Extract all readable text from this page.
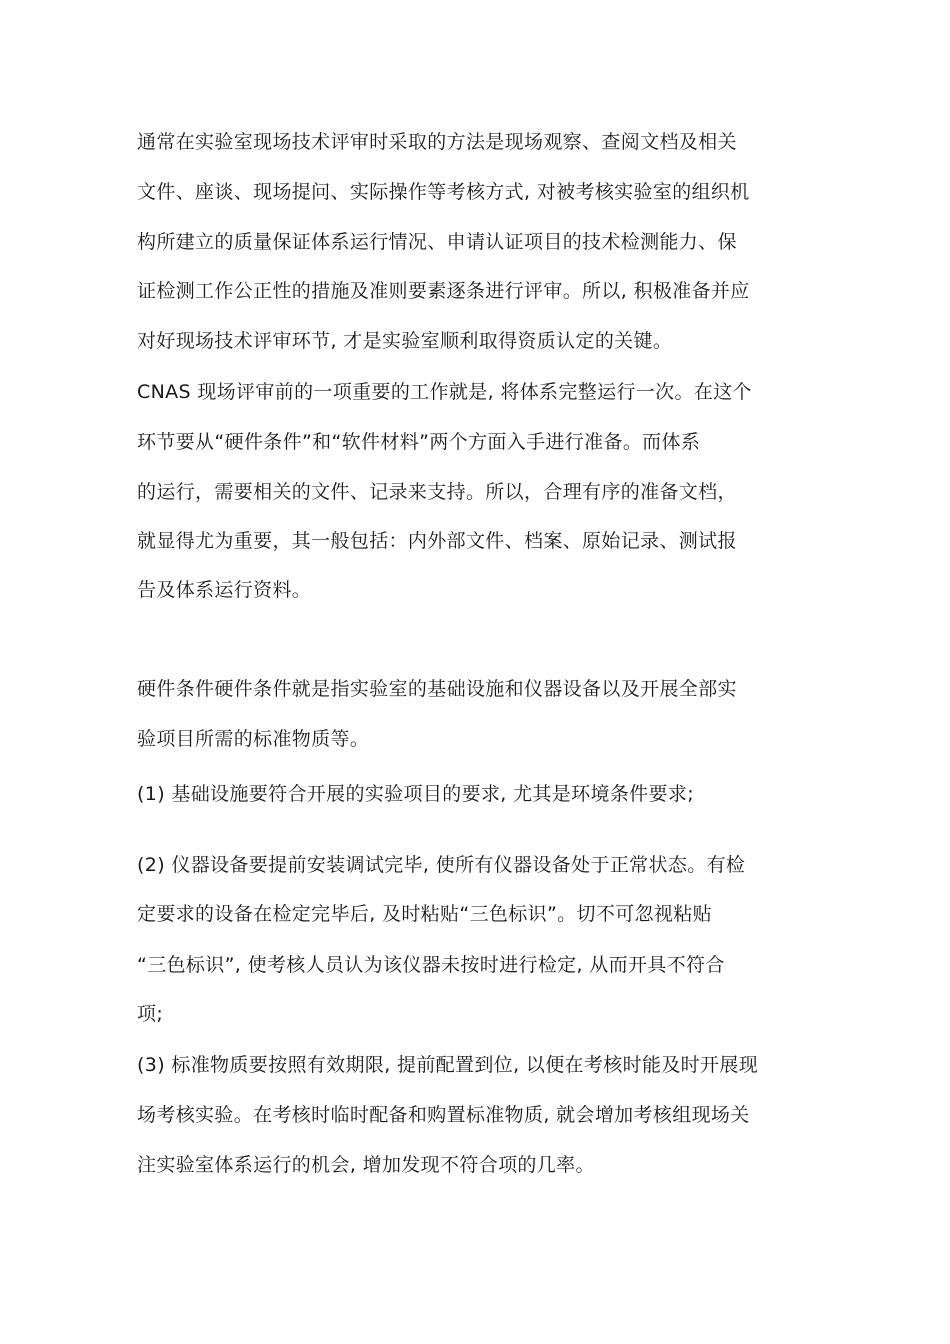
通常在实验室现场技术评审时采取的方法是现场观察、查阅文档及相关
文件、座谈、现场提问、实际操作等考核方式, 对被考核实验室的组织机
构所建立的质量保证体系运行情况、申请认证项目的技术检测能力、保
证检测工作公正性的措施及准则要素逐条进行评审。所以, 积极准备并应
对好现场技术评审环节, 才是实验室顺利取得资质认定的关键。
CNAS 现场评审前的一项重要的工作就是, 将体系完整运行一次。在这个
环节要从“硬件条件”和“软件材料”两个方面入手进行准备。而体系
的运行，需要相关的文件、记录来支持。所以，合理有序的准备文档，
就显得尤为重要，其一般包括：内外部文件、档案、原始记录、测试报
告及体系运行资料。
硬件条件硬件条件就是指实验室的基础设施和仪器设备以及开展全部实
验项目所需的标准物质等。
(1) 基础设施要符合开展的实验项目的要求, 尤其是环境条件要求;
(2) 仪器设备要提前安装调试完毕, 使所有仪器设备处于正常状态。有检
定要求的设备在检定完毕后, 及时粘贴“三色标识”。切不可忽视粘贴
“三色标识”, 使考核人员认为该仪器未按时进行检定, 从而开具不符合
项;
(3) 标准物质要按照有效期限, 提前配置到位, 以便在考核时能及时开展现
场考核实验。在考核时临时配备和购置标准物质, 就会增加考核组现场关
注实验室体系运行的机会, 增加发现不符合项的几率。
